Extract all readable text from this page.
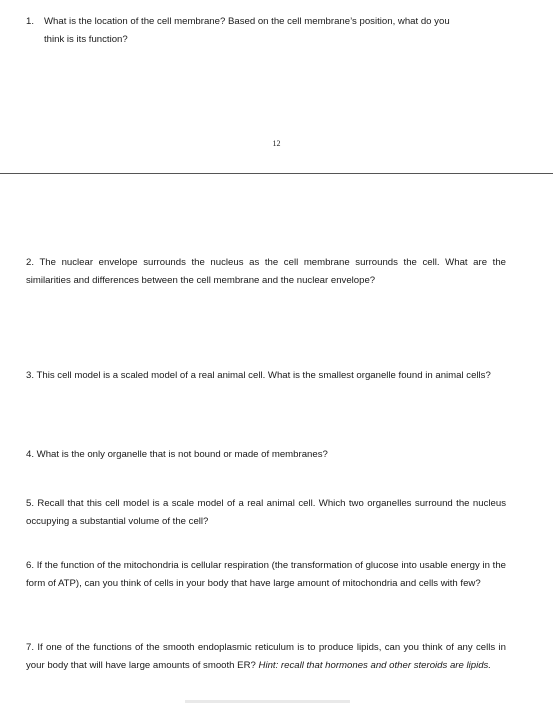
1. What is the location of the cell membrane? Based on the cell membrane’s position, what do you
think is its function?
12
2. The nuclear envelope surrounds the nucleus as the cell membrane surrounds the cell. What are the similarities and differences between the cell membrane and the nuclear envelope?
3. This cell model is a scaled model of a real animal cell. What is the smallest organelle found in animal cells?
4. What is the only organelle that is not bound or made of membranes?
5. Recall that this cell model is a scale model of a real animal cell. Which two organelles surround the nucleus occupying a substantial volume of the cell?
6. If the function of the mitochondria is cellular respiration (the transformation of glucose into usable energy in the form of ATP), can you think of cells in your body that have large amount of mitochondria and cells with few?
7. If one of the functions of the smooth endoplasmic reticulum is to produce lipids, can you think of any cells in your body that will have large amounts of smooth ER? Hint: recall that hormones and other steroids are lipids.
